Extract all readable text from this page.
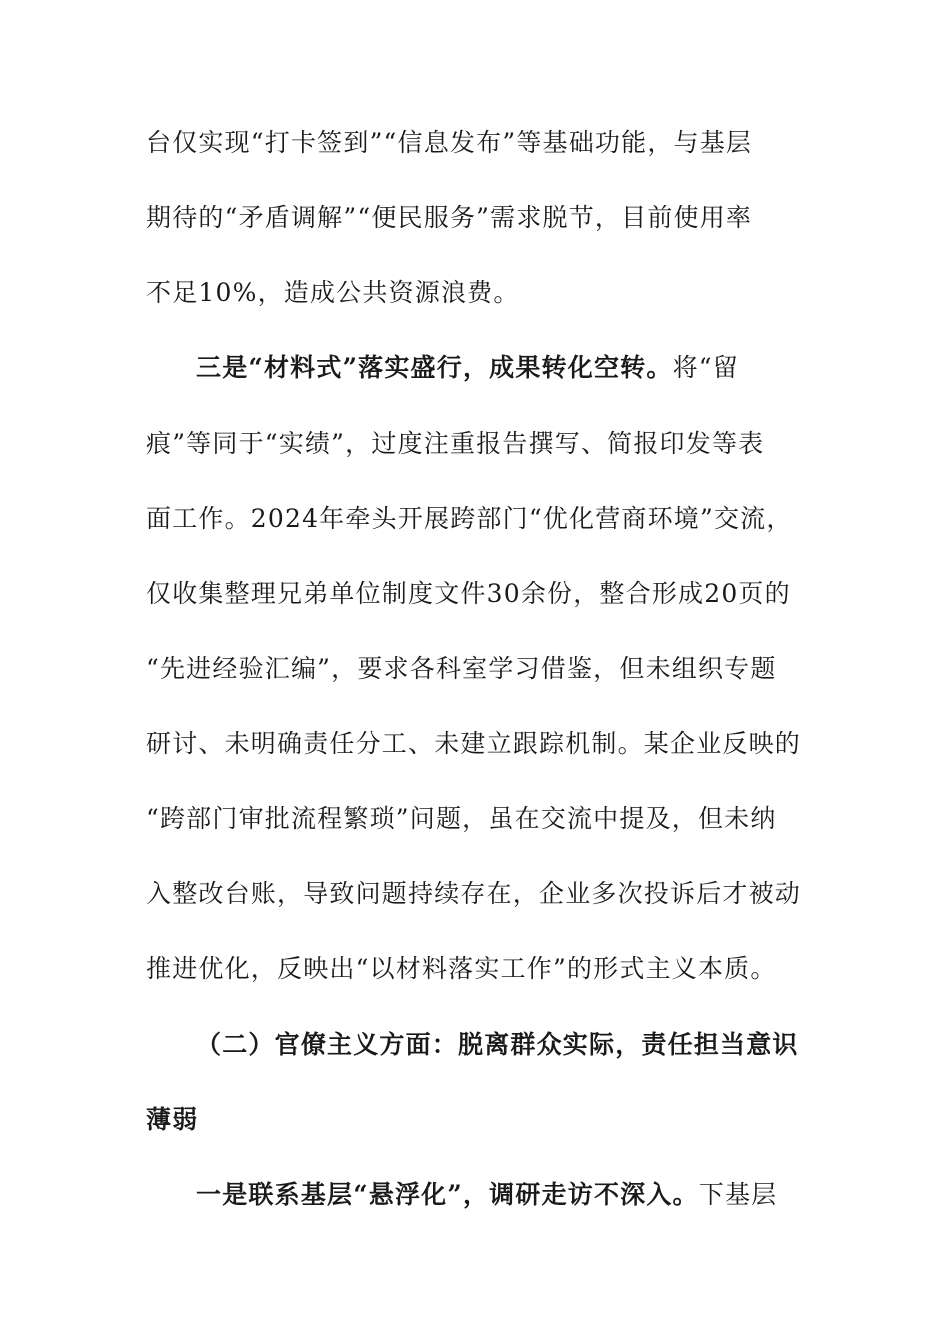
台仅实现“打卡签到”“信息发布”等基础功能，与基层
期待的“矛盾调解”“便民服务”需求脱节，目前使用率
不足10%，造成公共资源浪费。
三是“材料式”落实盛行，成果转化空转。将“留
痕”等同于“实绩”，过度注重报告撰写、简报印发等表
面工作。2024年牵头开展跨部门“优化营商环境”交流，
仅收集整理兄弟单位制度文件30余份，整合形成20页的
“先进经验汇编”，要求各科室学习借鉴，但未组织专题
研讨、未明确责任分工、未建立跟踪机制。某企业反映的
“跨部门审批流程繁琐”问题，虽在交流中提及，但未纳
入整改台账，导致问题持续存在，企业多次投诉后才被动
推进优化，反映出“以材料落实工作”的形式主义本质。
（二）官僚主义方面：脱离群众实际，责任担当意识
薄弱
一是联系基层“悬浮化”，调研走访不深入。下基层
